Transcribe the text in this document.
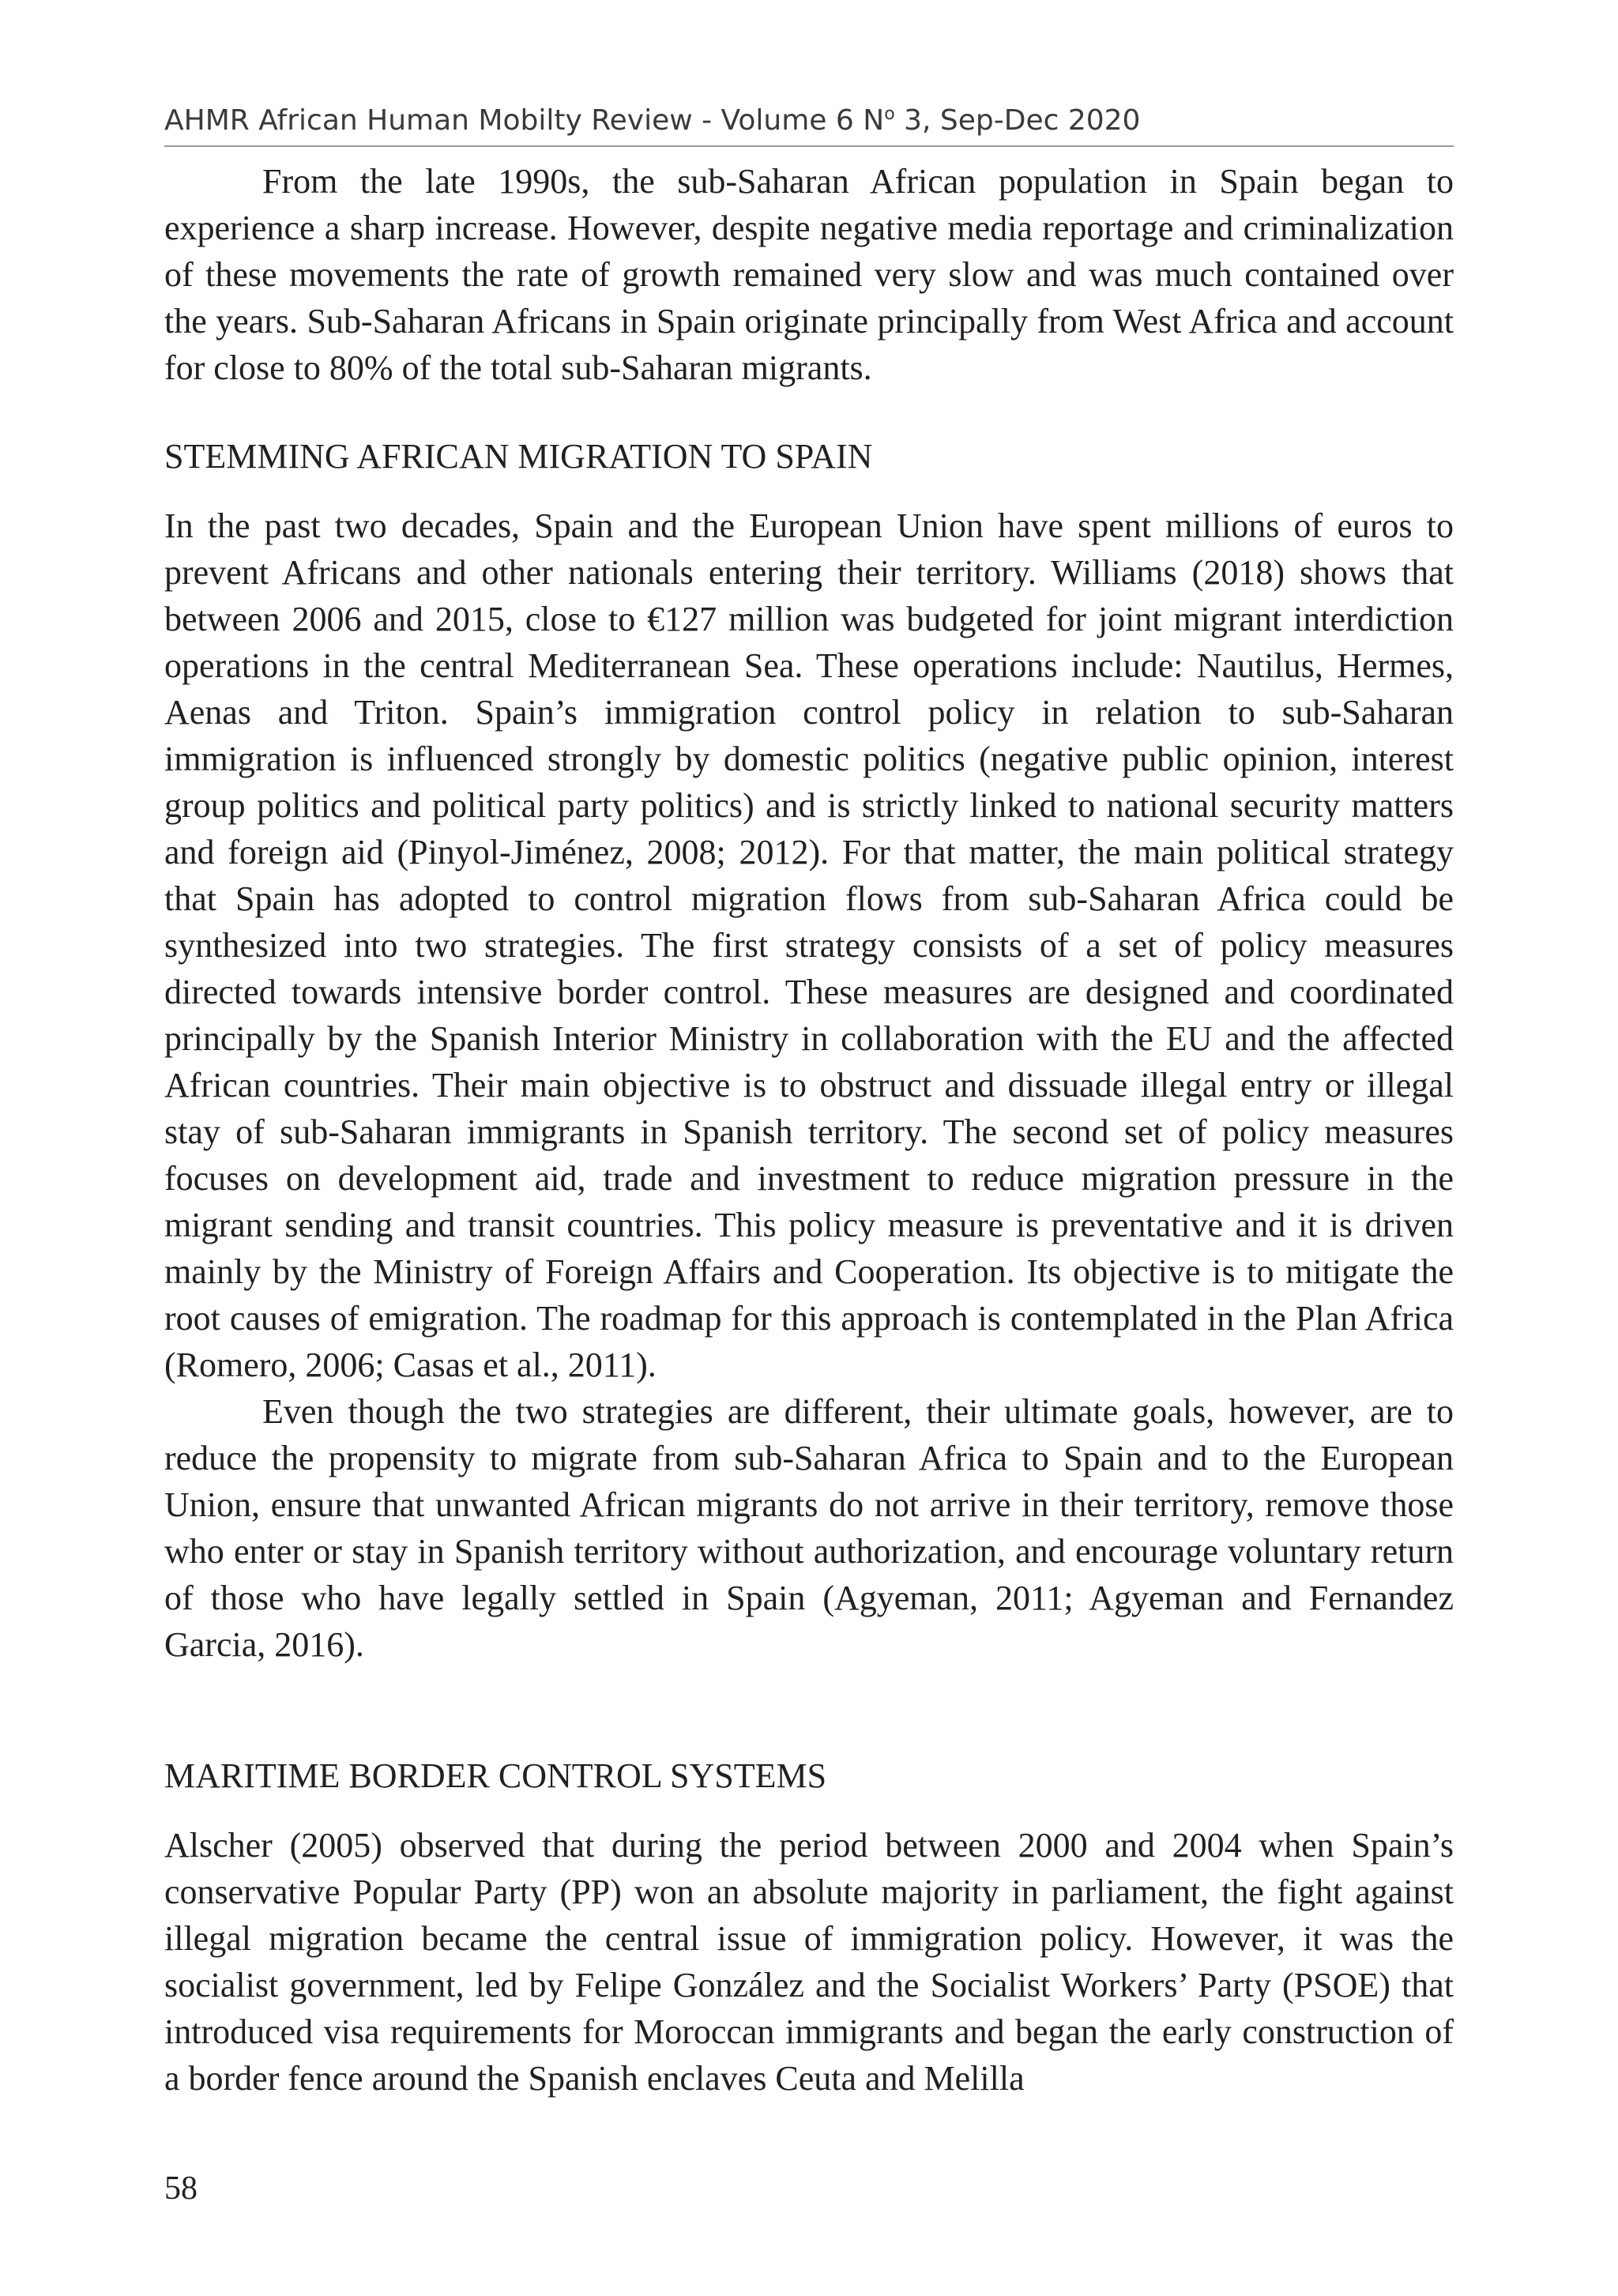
AHMR African Human Mobilty Review - Volume 6 $N^o$ 3, Sep-Dec 2020

From the late 1990s, the sub-Saharan African population in Spain began to experience a sharp increase. However, despite negative media reportage and criminalization of these movements the rate of growth remained very slow and was much contained over the years. Sub-Saharan Africans in Spain originate principally from West Africa and account for close to 80% of the total sub-Saharan migrants.

STEMMING AFRICAN MIGRATION TO SPAIN

In the past two decades, Spain and the European Union have spent millions of euros to prevent Africans and other nationals entering their territory. Williams (2018) shows that between 2006 and 2015, close to €127 million was budgeted for joint migrant interdiction operations in the central Mediterranean Sea. These operations include: Nautilus, Hermes, Aenas and Triton. Spain’s immigration control policy in relation to sub-Saharan immigration is influenced strongly by domestic politics (negative public opinion, interest group politics and political party politics) and is strictly linked to national security matters and foreign aid (Pinyol-Jiménez, 2008; 2012). For that matter, the main political strategy that Spain has adopted to control migration flows from sub-Saharan Africa could be synthesized into two strategies. The first strategy consists of a set of policy measures directed towards intensive border control. These measures are designed and coordinated principally by the Spanish Interior Ministry in collaboration with the EU and the affected African countries. Their main objective is to obstruct and dissuade illegal entry or illegal stay of sub-Saharan immigrants in Spanish territory. The second set of policy measures focuses on development aid, trade and investment to reduce migration pressure in the migrant sending and transit countries. This policy measure is preventative and it is driven mainly by the Ministry of Foreign Affairs and Cooperation. Its objective is to mitigate the root causes of emigration. The roadmap for this approach is contemplated in the Plan Africa (Romero, 2006; Casas et al., 2011).

Even though the two strategies are different, their ultimate goals, however, are to reduce the propensity to migrate from sub-Saharan Africa to Spain and to the European Union, ensure that unwanted African migrants do not arrive in their territory, remove those who enter or stay in Spanish territory without authorization, and encourage voluntary return of those who have legally settled in Spain (Agyeman, 2011; Agyeman and Fernandez Garcia, 2016).

MARITIME BORDER CONTROL SYSTEMS

Alscher (2005) observed that during the period between 2000 and 2004 when Spain’s conservative Popular Party (PP) won an absolute majority in parliament, the fight against illegal migration became the central issue of immigration policy. However, it was the socialist government, led by Felipe González and the Socialist Workers’ Party (PSOE) that introduced visa requirements for Moroccan immigrants and began the early construction of a border fence around the Spanish enclaves Ceuta and Melilla

58
